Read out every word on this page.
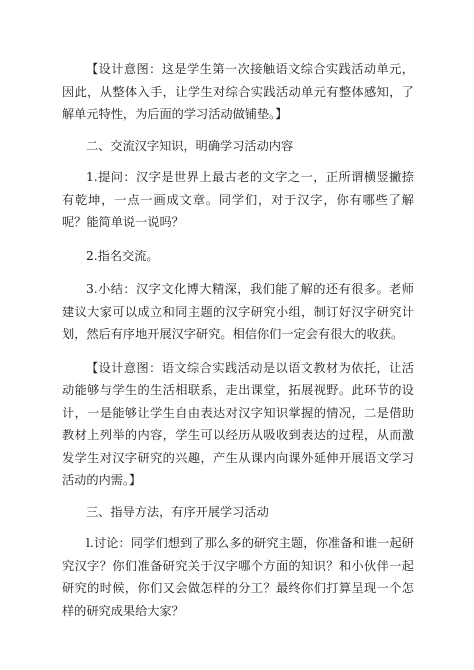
【设计意图：这是学生第一次接触语文综合实践活动单元，因此，从整体入手，让学生对综合实践活动单元有整体感知，了解单元特性，为后面的学习活动做铺垫。】

二、交流汉字知识，明确学习活动内容

1.提问：汉字是世界上最古老的文字之一，正所谓横竖撇捺有乾坤，一点一画成文章。同学们，对于汉字，你有哪些了解呢？能简单说一说吗？

2.指名交流。

3.小结：汉字文化博大精深，我们能了解的还有很多。老师建议大家可以成立和同主题的汉字研究小组，制订好汉字研究计划，然后有序地开展汉字研究。相信你们一定会有很大的收获。

【设计意图：语文综合实践活动是以语文教材为依托，让活动能够与学生的生活相联系，走出课堂，拓展视野。此环节的设计，一是能够让学生自由表达对汉字知识掌握的情况，二是借助教材上列举的内容，学生可以经历从吸收到表达的过程，从而激发学生对汉字研究的兴趣，产生从课内向课外延伸开展语文学习活动的内需。】

三、指导方法，有序开展学习活动

l.讨论：同学们想到了那么多的研究主题，你准备和谁一起研究汉字？你们准备研究关于汉字哪个方面的知识？和小伙伴一起研究的时候，你们又会做怎样的分工？最终你们打算呈现一个怎样的研究成果给大家？
